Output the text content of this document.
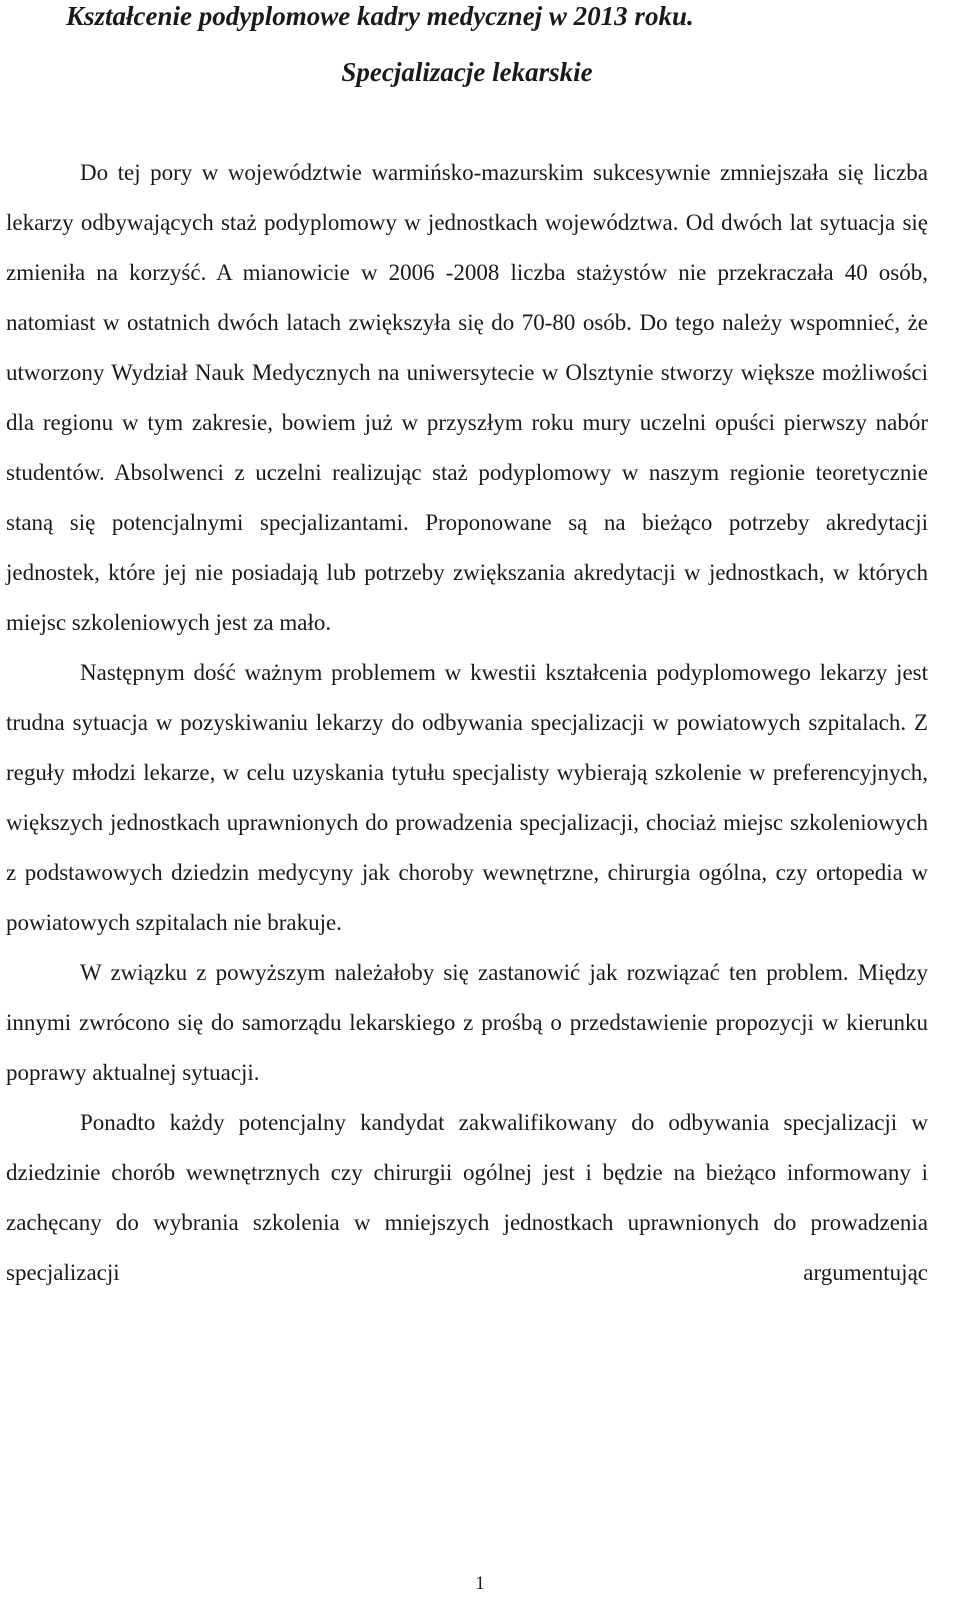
Kształcenie podyplomowe kadry medycznej w 2013 roku.
Specjalizacje lekarskie

Do tej pory w województwie warmińsko-mazurskim sukcesywnie zmniejszała się liczba lekarzy odbywających staż podyplomowy w jednostkach województwa. Od dwóch lat sytuacja się zmieniła na korzyść. A mianowicie w 2006 -2008 liczba stażystów nie przekraczała 40 osób, natomiast w ostatnich dwóch latach zwiększyła się do 70-80 osób. Do tego należy wspomnieć, że utworzony Wydział Nauk Medycznych na uniwersytecie w Olsztynie stworzy większe możliwości dla regionu w tym zakresie, bowiem już w przyszłym roku mury uczelni opuści pierwszy nabór studentów. Absolwenci z uczelni realizując staż podyplomowy w naszym regionie teoretycznie staną się potencjalnymi specjalizantami. Proponowane są na bieżąco potrzeby akredytacji jednostek, które jej nie posiadają lub potrzeby zwiększania akredytacji w jednostkach, w których miejsc szkoleniowych jest za mało.

Następnym dość ważnym problemem w kwestii kształcenia podyplomowego lekarzy jest trudna sytuacja w pozyskiwaniu lekarzy do odbywania specjalizacji w powiatowych szpitalach. Z reguły młodzi lekarze, w celu uzyskania tytułu specjalisty wybierają szkolenie w preferencyjnych, większych jednostkach uprawnionych do prowadzenia specjalizacji, chociaż miejsc szkoleniowych z podstawowych dziedzin medycyny jak choroby wewnętrzne, chirurgia ogólna, czy ortopedia w powiatowych szpitalach nie brakuje.

W związku z powyższym należałoby się zastanowić jak rozwiązać ten problem. Między innymi zwrócono się do samorządu lekarskiego z prośbą o przedstawienie propozycji w kierunku poprawy aktualnej sytuacji.

Ponadto każdy potencjalny kandydat zakwalifikowany do odbywania specjalizacji w dziedzinie chorób wewnętrznych czy chirurgii ogólnej jest i będzie na bieżąco informowany i zachęcany do wybrania szkolenia w mniejszych jednostkach uprawnionych do prowadzenia specjalizacji argumentując

1
